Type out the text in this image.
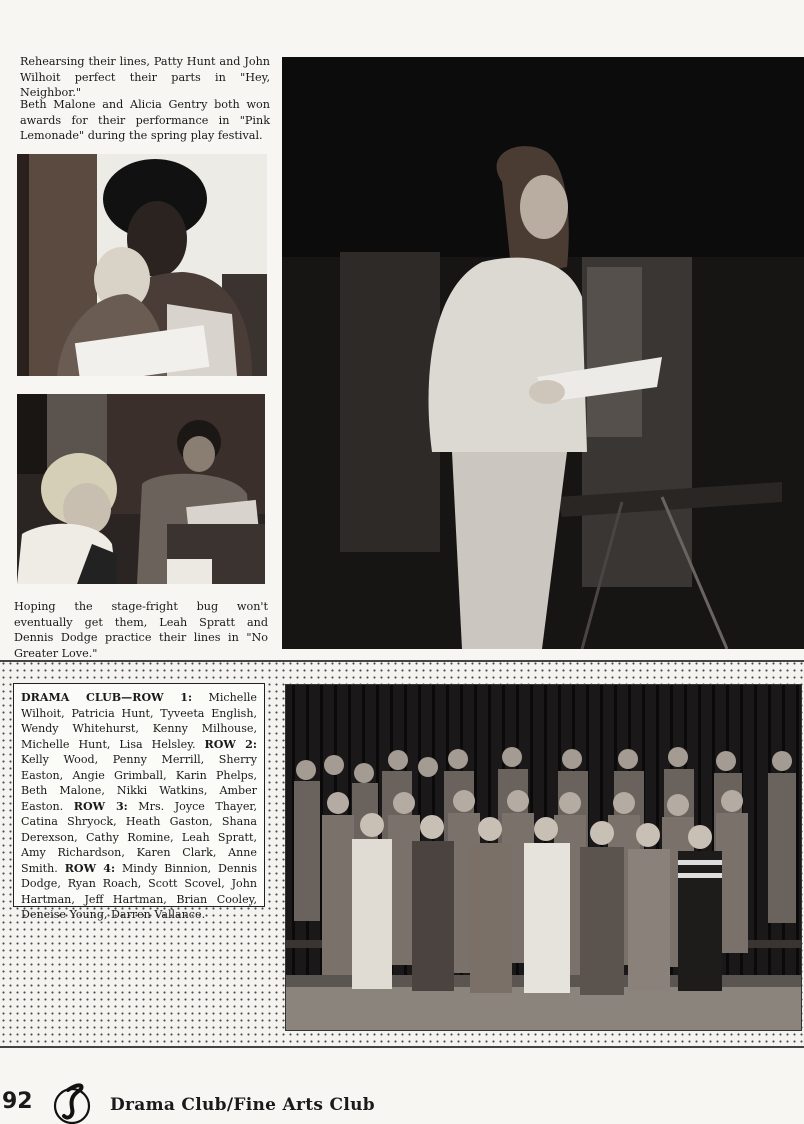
Rehearsing their lines, Patty Hunt and John Wilhoit perfect their parts in "Hey, Neighbor."

Beth Malone and Alicia Gentry both won awards for their performance in "Pink Lemonade" during the spring play festival.

Hoping the stage-fright bug won't eventually get them, Leah Spratt and Dennis Dodge practice their lines in "No Greater Love."

DRAMA CLUB—ROW 1: Michelle Wilhoit, Patricia Hunt, Tyveeta English, Wendy Whitehurst, Kenny Milhouse, Michelle Hunt, Lisa Helsley. ROW 2: Kelly Wood, Penny Merrill, Sherry Easton, Angie Grimball, Karin Phelps, Beth Malone, Nikki Watkins, Amber Easton. ROW 3: Mrs. Joyce Thayer, Catina Shryock, Heath Gaston, Shana Derexson, Cathy Romine, Leah Spratt, Amy Richardson, Karen Clark, Anne Smith. ROW 4: Mindy Binnion, Dennis Dodge, Ryan Roach, Scott Scovel, John Hartman, Jeff Hartman, Brian Cooley, Deneise Young, Darren Vallance.

92	Drama Club/Fine Arts Club
